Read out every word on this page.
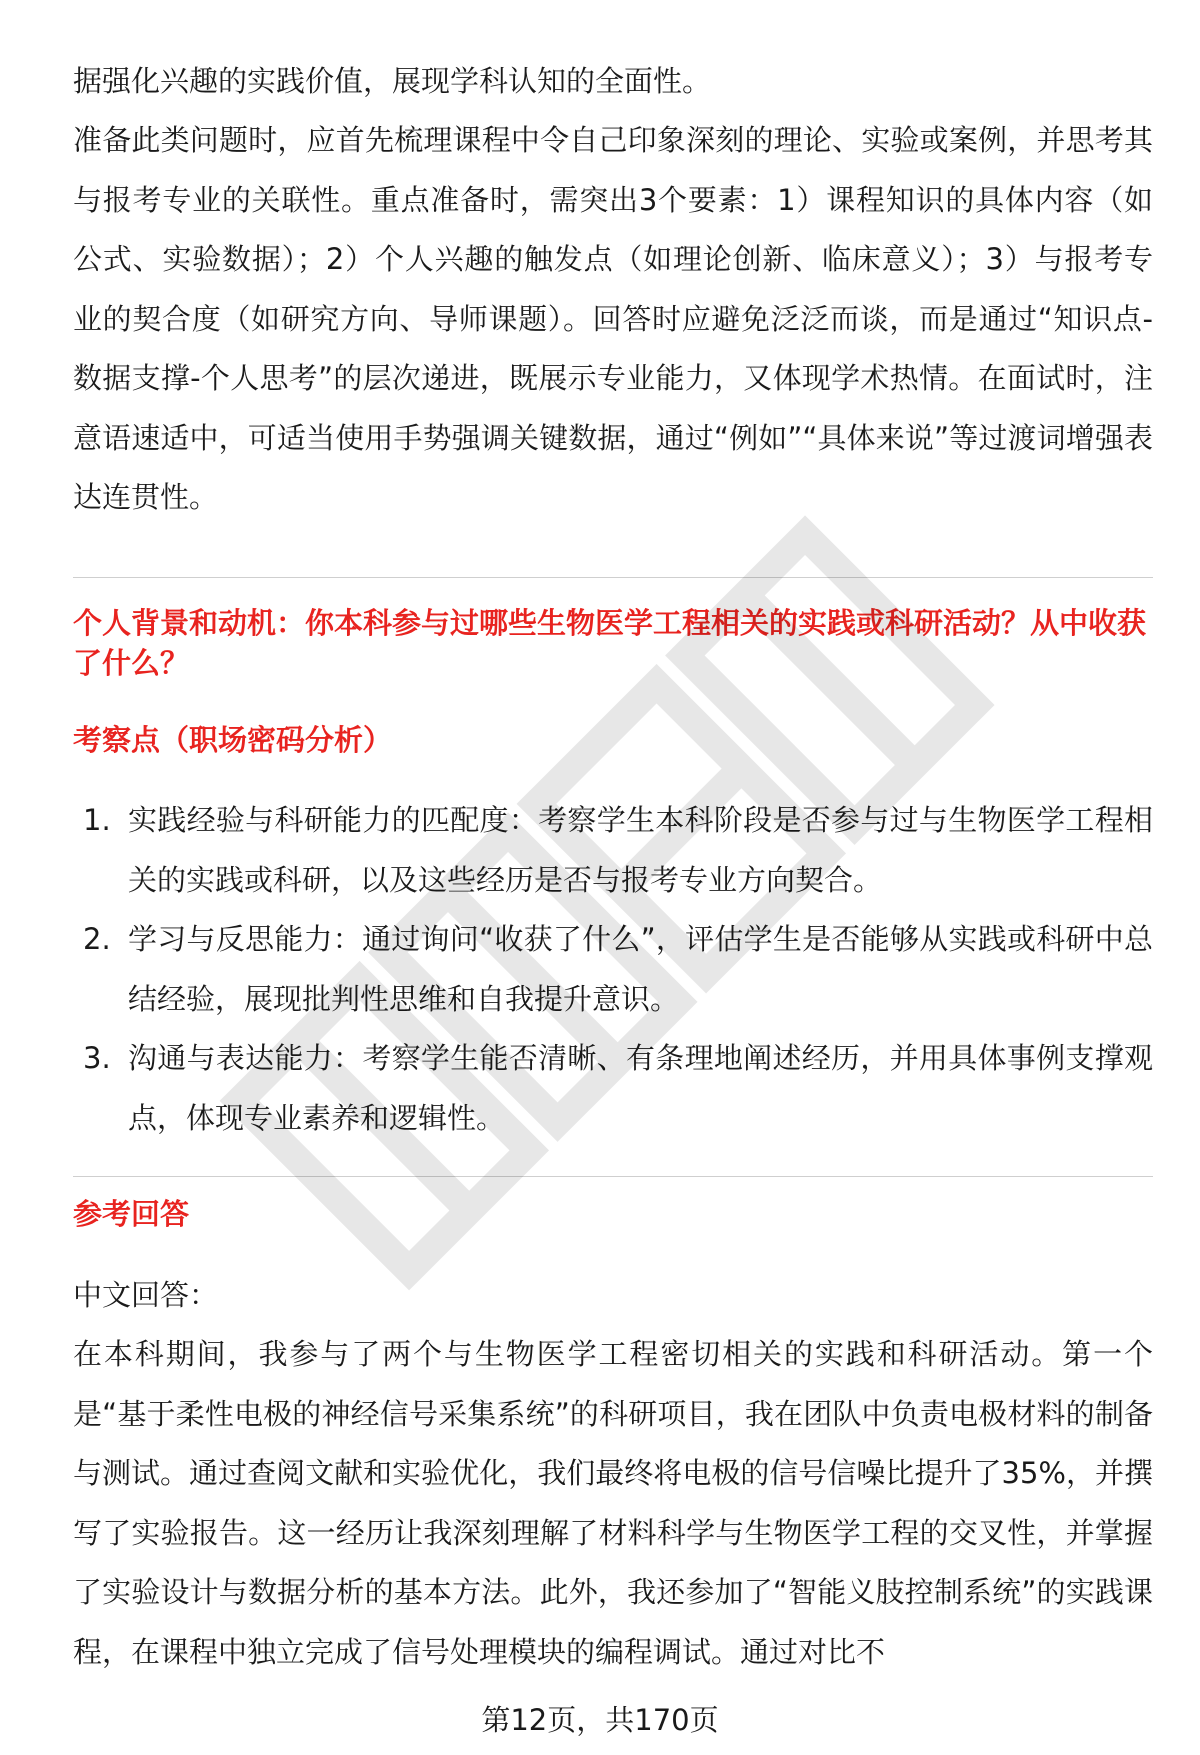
据强化兴趣的实践价值，展现学科认知的全面性。

准备此类问题时，应首先梳理课程中令自己印象深刻的理论、实验或案例，并思考其与报考专业的关联性。重点准备时，需突出3个要素：1）课程知识的具体内容（如公式、实验数据）；2）个人兴趣的触发点（如理论创新、临床意义）；3）与报考专业的契合度（如研究方向、导师课题）。回答时应避免泛泛而谈，而是通过“知识点-数据支撑-个人思考”的层次递进，既展示专业能力，又体现学术热情。在面试时，注意语速适中，可适当使用手势强调关键数据，通过“例如”“具体来说”等过渡词增强表达连贯性。

个人背景和动机：你本科参与过哪些生物医学工程相关的实践或科研活动？从中收获了什么？

考察点（职场密码分析）

1. 实践经验与科研能力的匹配度：考察学生本科阶段是否参与过与生物医学工程相关的实践或科研，以及这些经历是否与报考专业方向契合。
2. 学习与反思能力：通过询问“收获了什么”，评估学生是否能够从实践或科研中总结经验，展现批判性思维和自我提升意识。
3. 沟通与表达能力：考察学生能否清晰、有条理地阐述经历，并用具体事例支撑观点，体现专业素养和逻辑性。

参考回答

中文回答：

在本科期间，我参与了两个与生物医学工程密切相关的实践和科研活动。第一个是“基于柔性电极的神经信号采集系统”的科研项目，我在团队中负责电极材料的制备与测试。通过查阅文献和实验优化，我们最终将电极的信号信噪比提升了35%，并撰写了实验报告。这一经历让我深刻理解了材料科学与生物医学工程的交叉性，并掌握了实验设计与数据分析的基本方法。此外，我还参加了“智能义肢控制系统”的实践课程，在课程中独立完成了信号处理模块的编程调试。通过对比不

第12页，共170页
